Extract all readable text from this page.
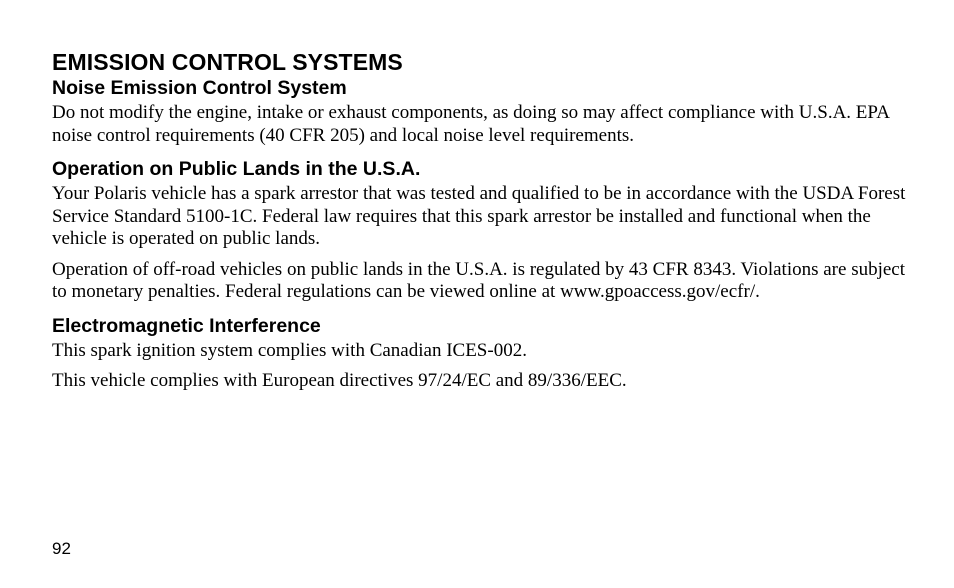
EMISSION CONTROL SYSTEMS
Noise Emission Control System

Do not modify the engine, intake or exhaust components, as doing so may affect compliance with U.S.A. EPA noise control requirements (40 CFR 205) and local noise level requirements.

Operation on Public Lands in the U.S.A.

Your Polaris vehicle has a spark arrestor that was tested and qualified to be in accordance with the USDA Forest Service Standard 5100-1C. Federal law requires that this spark arrestor be installed and functional when the vehicle is operated on public lands.

Operation of off-road vehicles on public lands in the U.S.A. is regulated by 43 CFR 8343. Violations are subject to monetary penalties. Federal regulations can be viewed online at www.gpoaccess.gov/ecfr/.

Electromagnetic Interference

This spark ignition system complies with Canadian ICES-002.

This vehicle complies with European directives 97/24/EC and 89/336/EEC.

92
